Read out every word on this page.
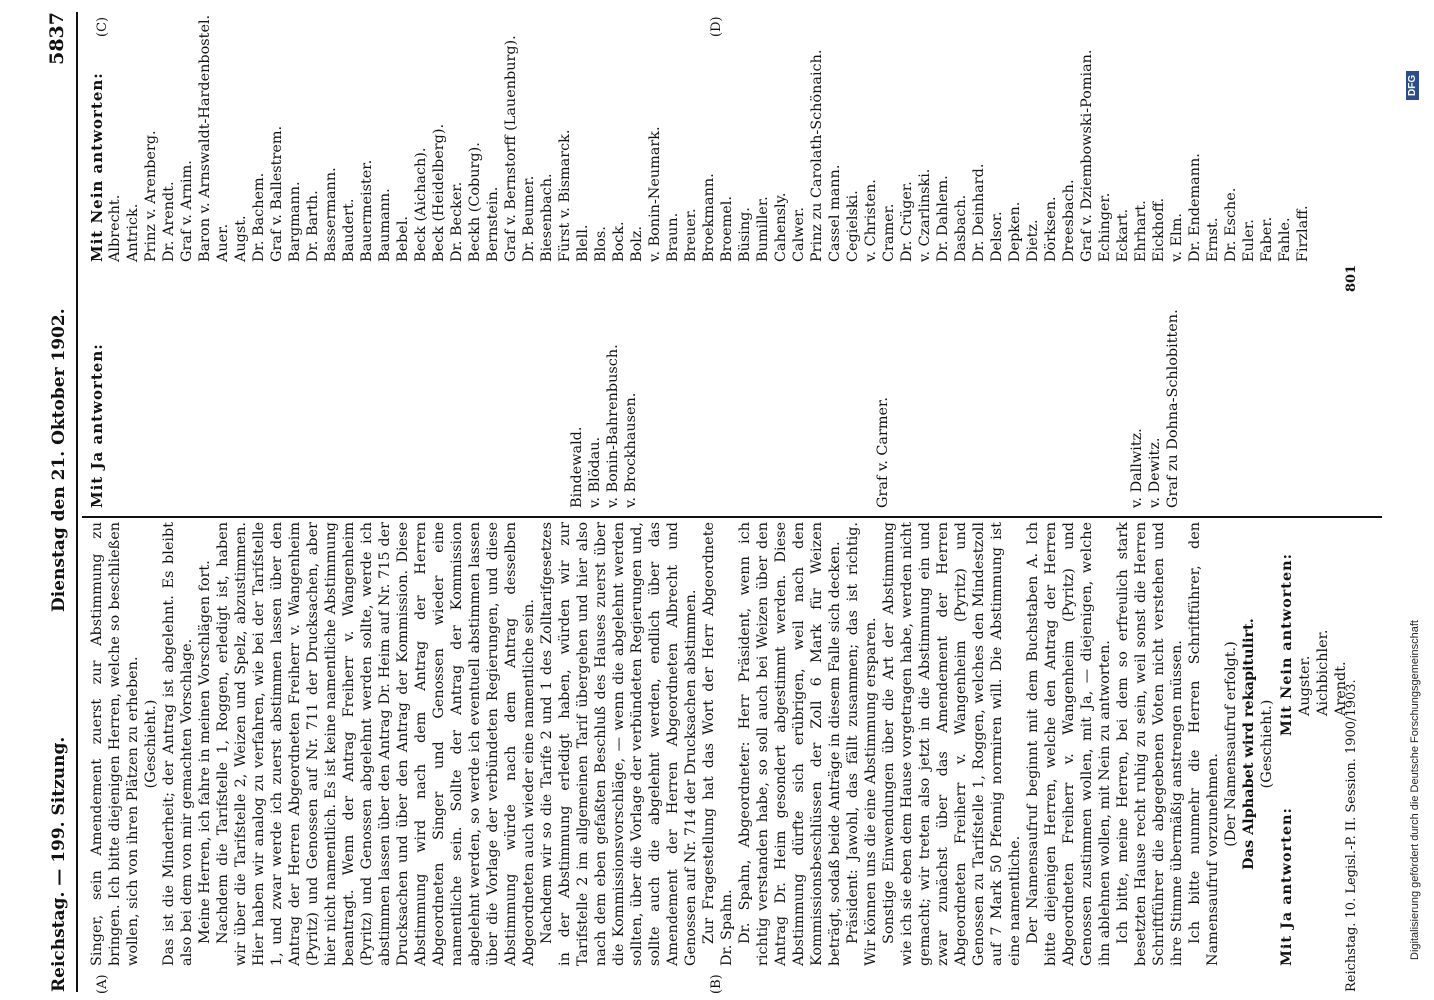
Reichstag. — 199. Sitzung.
Dienstag den 21. Oktober 1902.
5837
(A)	(B)
(C)	(D)

Singer, sein Amendement zuerst zur Abstimmung zu bringen. Ich bitte diejenigen Herren, welche so beschließen wollen, sich von ihren Plätzen zu erheben. (Geschieht.) Das ist die Minderheit; der Antrag ist abgelehnt. Es bleibt also bei dem von mir gemachten Vorschlage. Meine Herren, ich fahre in meinen Vorschlägen fort. Nachdem die Tarifstelle 1, Roggen, erledigt ist, haben wir über die Tarifstelle 2, Weizen und Spelz, abzustimmen. Hier haben wir analog zu verfahren, wie bei der Tarifstelle 1, und zwar werde ich zuerst abstimmen lassen über den Antrag der Herren Abgeordneten Freiherr v. Wangenheim (Pyritz) und Genossen auf Nr. 711 der Drucksachen, aber hier nicht namentlich. Es ist keine namentliche Abstimmung beantragt. Wenn der Antrag Freiherr v. Wangenheim (Pyritz) und Genossen abgelehnt werden sollte, werde ich abstimmen lassen über den Antrag Dr. Heim auf Nr. 715 der Drucksachen und über den Antrag der Kommission. Diese Abstimmung wird nach dem Antrag der Herren Abgeordneten Singer und Genossen wieder eine namentliche sein. Sollte der Antrag der Kommission abgelehnt werden, so werde ich eventuell abstimmen lassen über die Vorlage der verbündeten Regierungen, und diese Abstimmung würde nach dem Antrag desselben Abgeordneten auch wieder eine namentliche sein. Nachdem wir so die Tarife 2 und 1 des Zolltarifgesetzes in der Abstimmung erledigt haben, würden wir zur Tarifstelle 2 im allgemeinen Tarif übergehen und hier also nach dem eben gefaßten Beschluß des Hauses zuerst über die Kommissionsvorschläge, — wenn die abgelehnt werden sollten, über die Vorlage der verbündeten Regierungen und, sollte auch die abgelehnt werden, endlich über das Amendement der Herren Abgeordneten Albrecht und Genossen auf Nr. 714 der Drucksachen abstimmen. Zur Fragestellung hat das Wort der Herr Abgeordnete Dr. Spahn. Dr. Spahn, Abgeordneter: Herr Präsident, wenn ich richtig verstanden habe, so soll auch bei Weizen über den Antrag Dr. Heim gesondert abgestimmt werden. Diese Abstimmung dürfte sich erübrigen, weil nach den Kommissionsbeschlüssen der Zoll 6 Mark für Weizen beträgt, sodaß beide Anträge in diesem Falle sich decken. Präsident: Jawohl, das fällt zusammen; das ist richtig. Wir können uns die eine Abstimmung ersparen. Sonstige Einwendungen über die Art der Abstimmung wie ich sie eben dem Hause vorgetragen habe, werden nicht gemacht; wir treten also jetzt in die Abstimmung ein und zwar zunächst über das Amendement der Herren Abgeordneten Freiherr v. Wangenheim (Pyritz) und Genossen zu Tarifstelle 1, Roggen, welches den Mindestzoll auf 7 Mark 50 Pfennig normiren will. Die Abstimmung ist eine namentliche. Der Namensaufruf beginnt mit dem Buchstaben A. Ich bitte diejenigen Herren, welche den Antrag der Herren Abgeordneten Freiherr v. Wangenheim (Pyritz) und Genossen zustimmen wollen, mit Ja, — diejenigen, welche ihn ablehnen wollen, mit Nein zu antworten. Ich bitte, meine Herren, bei dem so erfreulich stark besetzten Hause recht ruhig zu sein, weil sonst die Herren Schriftführer die abgegebenen Voten nicht verstehen und ihre Stimme übermäßig anstrengen müssen. Ich bitte nunmehr die Herren Schriftführer, den Namensaufruf vorzunehmen.

(Der Namensaufruf erfolgt.) Das Alphabet wird rekapitulirt. (Geschieht.)

Mit Ja antworten:
Mit Nein antworten: Augster. Aichbichler. Arendt.
Mit Ja antworten:
Mit Nein antworten:
Bindewald. v. Blödau. v. Bonin-Bahrenbusch. v. Brockhausen.	Graf v. Carmer.	v. Dallwitz. v. Dewitz. Graf zu Dohna-Schlobitten.
Albrecht. Antrick. Prinz v. Arenberg. Dr. Arendt. Graf v. Arnim. Baron v. Arnswaldt-Hardenbostel. Auer. Augst. Dr. Bachem. Graf v. Ballestrem. Bargmann. Dr. Barth. Bassermann. Baudert. Bauermeister. Baumann. Bebel. Beck (Aichach). Beck (Heidelberg). Dr. Becker. Beckh (Coburg). Bernstein. Graf v. Bernstorff (Lauenburg). Dr. Beumer. Biesenbach. Fürst v. Bismarck. Blell. Blos. Bock. Bolz. v. Bonin-Neumark. Braun. Breuer. Broekmann. Broemel. Büsing. Bumiller. Cahensly. Calwer. Prinz zu Carolath-Schönaich. Cassel mann. Cegielski. v. Christen. Cramer. Dr. Crüger. v. Czarlinski. Dr. Dahlem. Dasbach. Dr. Deinhard. Delsor. Depken. Dietz. Dörksen. Dreesbach. Graf v. Dziembowski-Pomian. Echinger. Eckart. Ehrhart. Eickhoff. v. Elm. Dr. Endemann. Ernst. Dr. Esche. Euler. Faber. Fahle. Firzlaff.
Reichstag. 10. Legisl.-P. II. Session. 1900/1903.
801
Digitalisierung gefördert durch die Deutsche Forschungsgemeinschaft
DFG
